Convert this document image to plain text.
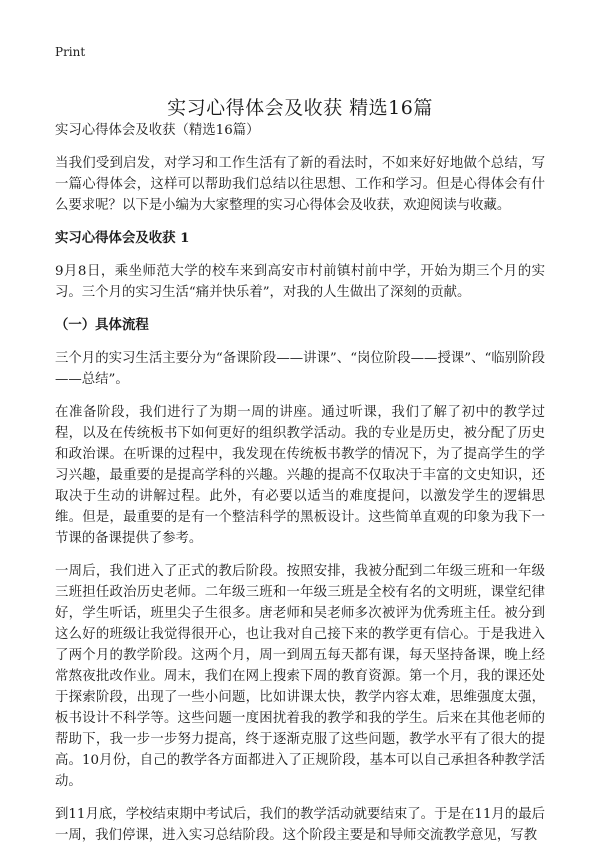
Print
实习心得体会及收获 精选16篇

实习心得体会及收获（精选16篇）

当我们受到启发，对学习和工作生活有了新的看法时，不如来好好地做个总结，写一篇心得体会，这样可以帮助我们总结以往思想、工作和学习。但是心得体会有什么要求呢？以下是小编为大家整理的实习心得体会及收获，欢迎阅读与收藏。

实习心得体会及收获 1

9月8日，乘坐师范大学的校车来到高安市村前镇村前中学，开始为期三个月的实习。三个月的实习生活“痛并快乐着”，对我的人生做出了深刻的贡献。

（一）具体流程

三个月的实习生活主要分为“备课阶段——讲课”、“岗位阶段——授课”、“临别阶段——总结”。

在准备阶段，我们进行了为期一周的讲座。通过听课，我们了解了初中的教学过程，以及在传统板书下如何更好的组织教学活动。我的专业是历史，被分配了历史和政治课。在听课的过程中，我发现在传统板书教学的情况下，为了提高学生的学习兴趣，最重要的是提高学科的兴趣。兴趣的提高不仅取决于丰富的文史知识，还取决于生动的讲解过程。此外，有必要以适当的难度提问，以激发学生的逻辑思维。但是，最重要的是有一个整洁科学的黑板设计。这些简单直观的印象为我下一节课的备课提供了参考。

一周后，我们进入了正式的教后阶段。按照安排，我被分配到二年级三班和一年级三班担任政治历史老师。二年级三班和一年级三班是全校有名的文明班，课堂纪律好，学生听话，班里尖子生很多。唐老师和吴老师多次被评为优秀班主任。被分到这么好的班级让我觉得很开心，也让我对自己接下来的教学更有信心。于是我进入了两个月的教学阶段。这两个月，周一到周五每天都有课，每天坚持备课，晚上经常熬夜批改作业。周末，我们在网上搜索下周的教育资源。第一个月，我的课还处于探索阶段，出现了一些小问题，比如讲课太快，教学内容太难，思维强度太强，板书设计不科学等。这些问题一度困扰着我的教学和我的学生。后来在其他老师的帮助下，我一步一步努力提高，终于逐渐克服了这些问题，教学水平有了很大的提高。10月份，自己的教学各方面都进入了正规阶段，基本可以自己承担各种教学活动。

到11月底，学校结束期中考试后，我们的教学活动就要结束了。于是在11月的最后一周，我们停课，进入实习总结阶段。这个阶段主要是和导师交流教学意见，写教
